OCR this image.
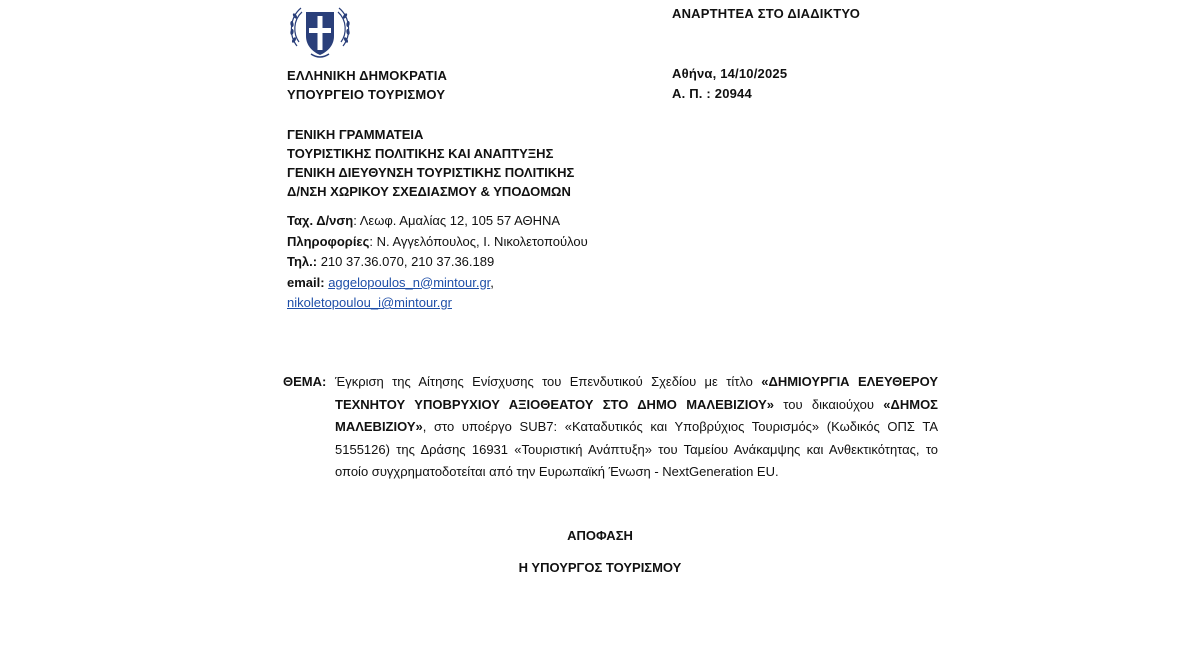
ΕΛΛΗΝΙΚΗ ΔΗΜΟΚΡΑΤΙΑ
ΥΠΟΥΡΓΕΙΟ ΤΟΥΡΙΣΜΟΥ
ΑΝΑΡΤΗΤΕΑ ΣΤΟ ΔΙΑΔΙΚΤΥΟ
Αθήνα, 14/10/2025
Α. Π. : 20944
ΓΕΝΙΚΗ ΓΡΑΜΜΑΤΕΙΑ
ΤΟΥΡΙΣΤΙΚΗΣ ΠΟΛΙΤΙΚΗΣ ΚΑΙ ΑΝΑΠΤΥΞΗΣ
ΓΕΝΙΚΗ ΔΙΕΥΘΥΝΣΗ ΤΟΥΡΙΣΤΙΚΗΣ ΠΟΛΙΤΙΚΗΣ
Δ/ΝΣΗ ΧΩΡΙΚΟΥ ΣΧΕΔΙΑΣΜΟΥ & ΥΠΟΔΟΜΩΝ
Ταχ. Δ/νση: Λεωφ. Αμαλίας 12, 105 57 ΑΘΗΝΑ
Πληροφορίες: Ν. Αγγελόπουλος, Ι. Νικολετοπούλου
Τηλ.: 210 37.36.070, 210 37.36.189
email: aggelopoulos_n@mintour.gr,
nikoletopoulou_i@mintour.gr
ΘΕΜΑ: Έγκριση της Αίτησης Ενίσχυσης του Επενδυτικού Σχεδίου με τίτλο «ΔΗΜΙΟΥΡΓΙΑ ΕΛΕΥΘΕΡΟΥ ΤΕΧΝΗΤΟΥ ΥΠΟΒΡΥΧΙΟΥ ΑΞΙΟΘΕΑΤΟΥ ΣΤΟ ΔΗΜΟ ΜΑΛΕΒΙΖΙΟΥ» του δικαιούχου «ΔΗΜΟΣ ΜΑΛΕΒΙΖΙΟΥ», στο υποέργο SUB7: «Καταδυτικός και Υποβρύχιος Τουρισμός» (Κωδικός ΟΠΣ ΤΑ 5155126) της Δράσης 16931 «Τουριστική Ανάπτυξη» του Ταμείου Ανάκαμψης και Ανθεκτικότητας, το οποίο συγχρηματοδοτείται από την Ευρωπαϊκή Ένωση - NextGeneration EU.
ΑΠΟΦΑΣΗ
Η ΥΠΟΥΡΓΟΣ ΤΟΥΡΙΣΜΟΥ
